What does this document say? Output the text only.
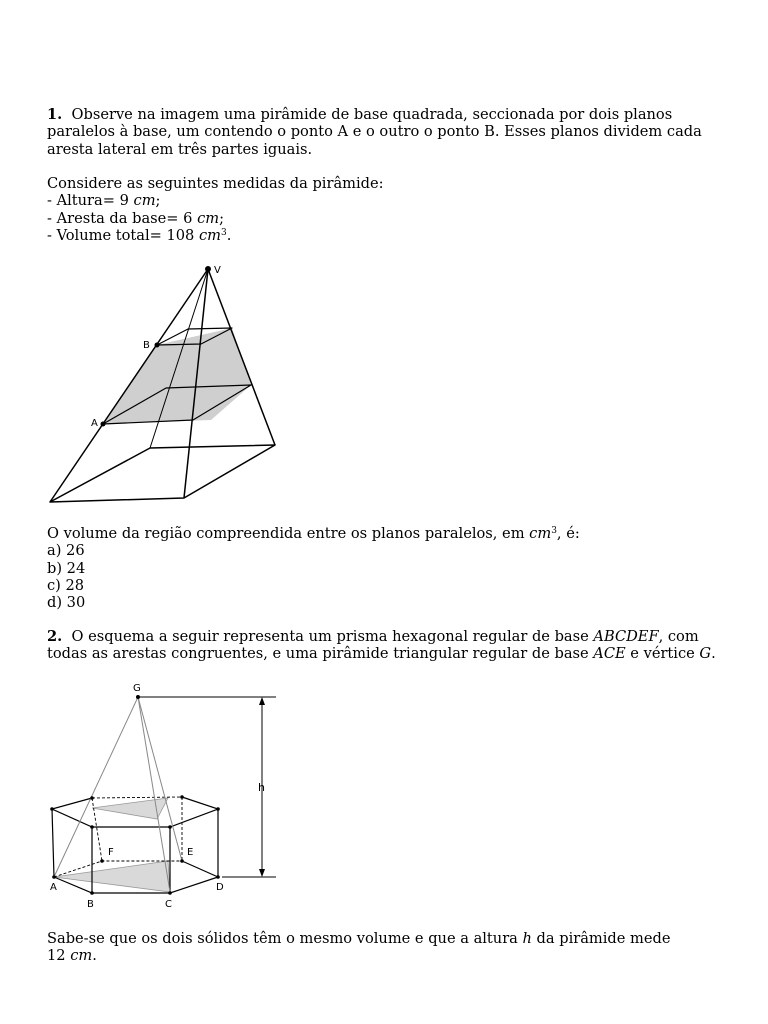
1. Observe na imagem uma pirâmide de base quadrada, seccionada por dois planos paralelos à base, um contendo o ponto A e o outro o ponto B. Esses planos dividem cada aresta lateral em três partes iguais.
Considere as seguintes medidas da pirâmide:
- Altura= 9 cm;
- Aresta da base= 6 cm;
- Volume total= 108 $cm^3$.
V
B
A
O volume da região compreendida entre os planos paralelos, em $cm^3$, é:
a) 26
b) 24
c) 28
d) 30
2. O esquema a seguir representa um prisma hexagonal regular de base ABCDEF, com
todas as arestas congruentes, e uma pirâmide triangular regular de base ACE e vértice G.
G
h
A
B	C
D
E
F
Sabe-se que os dois sólidos têm o mesmo volume e que a altura h da pirâmide mede
12 cm.
